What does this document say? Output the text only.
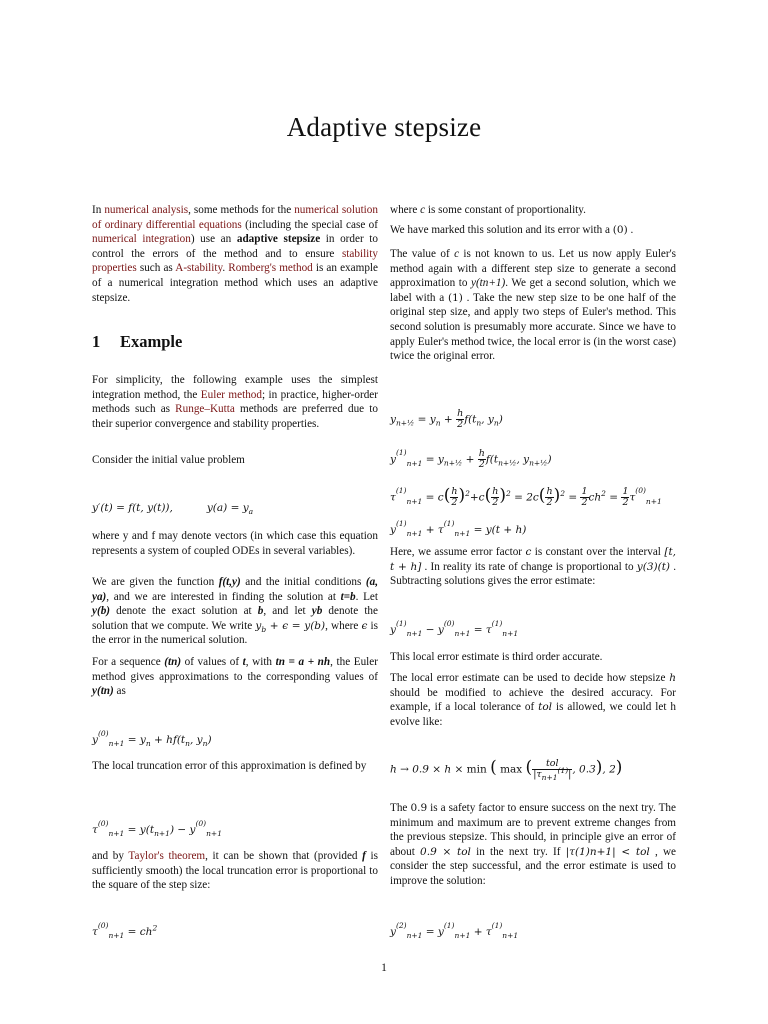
Adaptive stepsize

In numerical analysis, some methods for the numerical solution of ordinary differential equations (including the special case of numerical integration) use an adaptive stepsize in order to control the errors of the method and to ensure stability properties such as A-stability. Romberg's method is an example of a numerical integration method which uses an adaptive stepsize.

1 Example

For simplicity, the following example uses the simplest integration method, the Euler method; in practice, higher-order methods such as Runge–Kutta methods are preferred due to their superior convergence and stability properties.

Consider the initial value problem

y′(t) = f(t, y(t)),	$y(a) = y_a$

where y and f may denote vectors (in which case this equation represents a system of coupled ODEs in several variables).

We are given the function f(t,y) and the initial conditions (a, ya), and we are interested in finding the solution at t=b. Let y(b) denote the exact solution at b, and let yb denote the solution that we compute. We write $y_b + \epsilon = y(b)$, where ϵ is the error in the numerical solution.

For a sequence (tn) of values of t, with tn = a + nh, the Euler method gives approximations to the corresponding values of y(tn) as

$y_{^{(0)}n+1} = y_n + hf(t_n$, $y_n$)

The local truncation error of this approximation is defined by

$\tau_{^{(0)}n+1} = y(t_{n+1}) - y_{^{(0)}n+1}$

and by Taylor's theorem, it can be shown that (provided f is sufficiently smooth) the local truncation error is proportional to the square of the step size:

$\tau_{^{(0)}n+1} = ch^2$

where c is some constant of proportionality.

We have marked this solution and its error with a (0) .

The value of c is not known to us. Let us now apply Euler's method again with a different step size to generate a second approximation to y(tn+1). We get a second solution, which we label with a (1) . Take the new step size to be one half of the original step size, and apply two steps of Euler's method. This second solution is presumably more accurate. Since we have to apply Euler's method twice, the local error is (in the worst case) twice the original error.

$y_{n+\frac{1}{2}} = y_n + \frac{h}{2} f(t_n$, $y_n$)
$y_{^{(1)}n+1} = y_{n+\frac{1}{2}} + \frac{h}{2} f(t_{n+\frac{1}{2}}$, $y_{n+\frac{1}{2}}$)
$\tau_{^{(1)}n+1} = c( \frac{h}{2} )^2+c( \frac{h}{2} )^2 = 2c( \frac{h}{2} )^2 = \frac{1}{2} ch^2 = \frac{1}{2} \tau_{^{(0)}n+1}$
$y_{^{(1)}n+1} + \tau_{^{(1)}n+1} = y(t + h)$

Here, we assume error factor c is constant over the interval [t, t + h] . In reality its rate of change is proportional to y(3)(t) . Subtracting solutions gives the error estimate:

$y_{^{(1)}n+1} - y_{^{(0)}n+1} = \tau_{^{(1)}n+1}$

This local error estimate is third order accurate.

The local error estimate can be used to decide how stepsize h should be modified to achieve the desired accuracy. For example, if a local tolerance of tol is allowed, we could let h evolve like:

h → 0.9 × h × min ( max ( $\frac{\text{tol}}{|\tau_{n+1}^{(1)}|}$ , 0.3), 2)

The 0.9 is a safety factor to ensure success on the next try. The minimum and maximum are to prevent extreme changes from the previous stepsize. This should, in principle give an error of about 0.9 × tol in the next try. If |τ(1)n+1| < tol , we consider the step successful, and the error estimate is used to improve the solution:

$y_{^{(2)}n+1} = y_{^{(1)}n+1} + \tau_{^{(1)}n+1}$
1
